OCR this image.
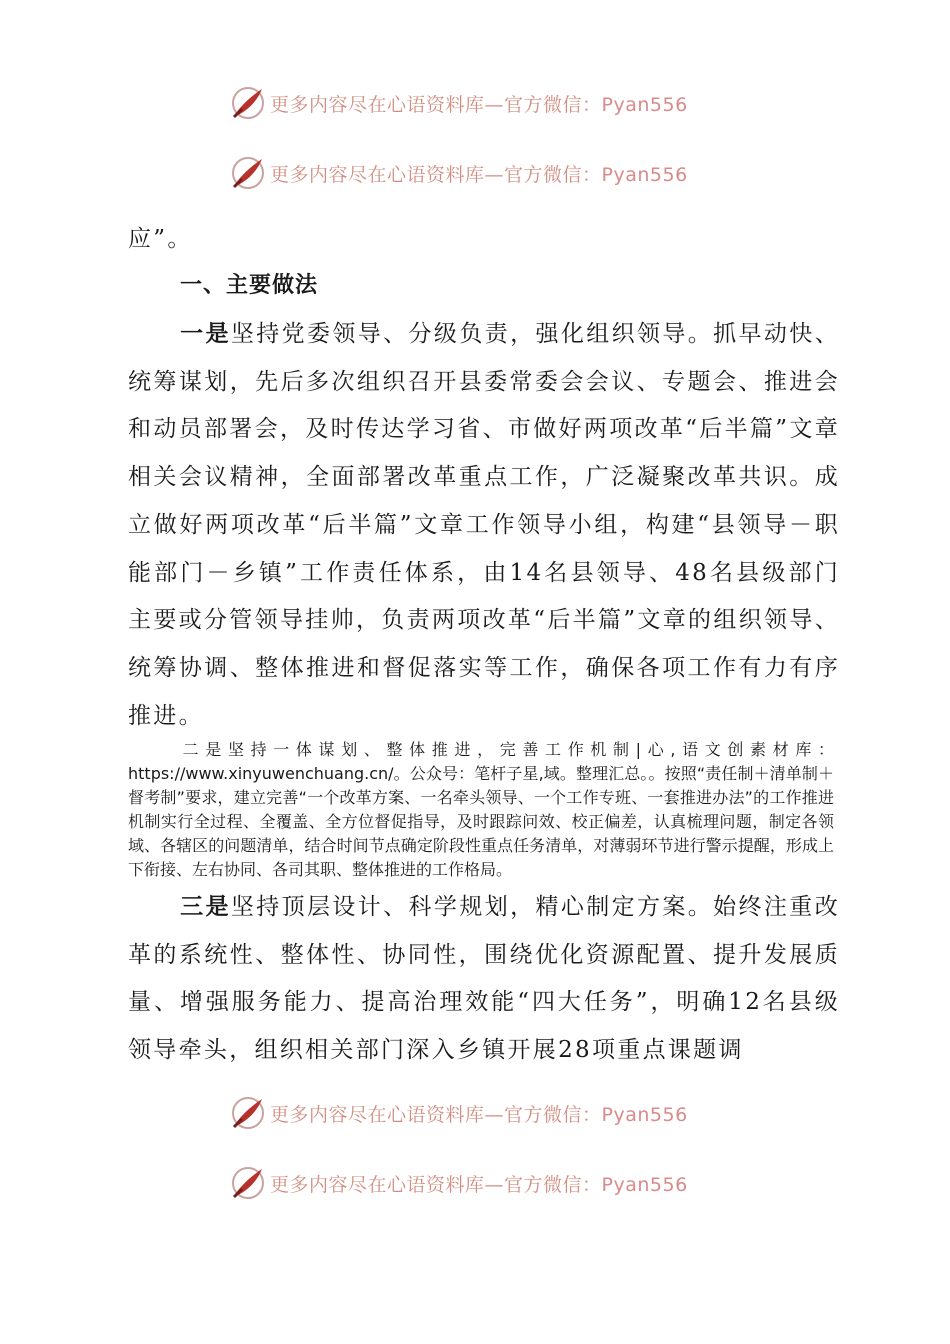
更多内容尽在心语资料库—官方微信：Pyan556
更多内容尽在心语资料库—官方微信：Pyan556

应”。

一、主要做法

一是坚持党委领导、分级负责，强化组织领导。抓早动快、统筹谋划，先后多次组织召开县委常委会会议、专题会、推进会和动员部署会，及时传达学习省、市做好两项改革“后半篇”文章相关会议精神，全面部署改革重点工作，广泛凝聚改革共识。成立做好两项改革“后半篇”文章工作领导小组，构建“县领导－职能部门－乡镇”工作责任体系，由14名县领导、48名县级部门主要或分管领导挂帅，负责两项改革“后半篇”文章的组织领导、统筹协调、整体推进和督促落实等工作，确保各项工作有力有序推进。

二是坚持一体谋划、整体推进，完善工作机制|心,语文创素材库：https://www.xinyuwenchuang.cn/。公众号：笔杆子星,域。整理汇总。。按照“责任制＋清单制＋督考制”要求，建立完善“一个改革方案、一名牵头领导、一个工作专班、一套推进办法”的工作推进机制实行全过程、全覆盖、全方位督促指导，及时跟踪问效、校正偏差，认真梳理问题，制定各领域、各辖区的问题清单，结合时间节点确定阶段性重点任务清单，对薄弱环节进行警示提醒，形成上下衔接、左右协同、各司其职、整体推进的工作格局。

三是坚持顶层设计、科学规划，精心制定方案。始终注重改革的系统性、整体性、协同性，围绕优化资源配置、提升发展质量、增强服务能力、提高治理效能“四大任务”，明确12名县级领导牵头，组织相关部门深入乡镇开展28项重点课题调

更多内容尽在心语资料库—官方微信：Pyan556
更多内容尽在心语资料库—官方微信：Pyan556
